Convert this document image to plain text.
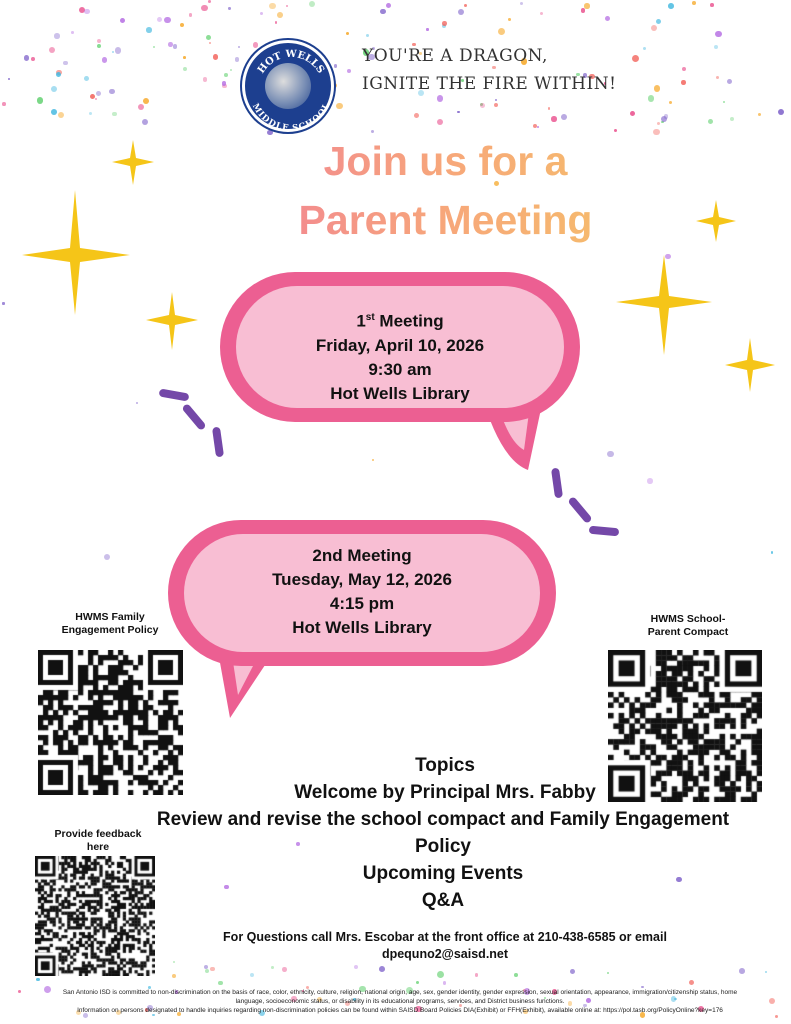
HOT WELLS
MIDDLE SCHOOL
YOU'RE A DRAGON,
IGNITE THE FIRE WITHIN!
Join us for a
Parent Meeting
1st Meeting
Friday, April 10, 2026
9:30 am
Hot Wells Library
2nd Meeting
Tuesday, May 12, 2026
4:15 pm
Hot Wells Library
HWMS Family
Engagement Policy
HWMS School-
Parent Compact
Provide feedback
here
Topics
Welcome by Principal Mrs. Fabby
Review and revise the school compact and Family Engagement
Policy
Upcoming Events
Q&A
For Questions call Mrs. Escobar at the front office at 210-438-6585 or email
dpequno2@saisd.net
San Antonio ISD is committed to non-discrimination on the basis of race, color, ethnicity, culture, religion, national origin, age, sex, gender identity, gender expression, sexual orientation, appearance, immigration/citizenship status, home
language, socioeconomic status, or disability in its educational programs, services, and District business functions.
Information on persons designated to handle inquiries regarding non-discrimination policies can be found within SAISD Board Policies DIA(Exhibit) or FFH(Exhibit), available online at: https://pol.tasb.org/PolicyOnline?key=176
